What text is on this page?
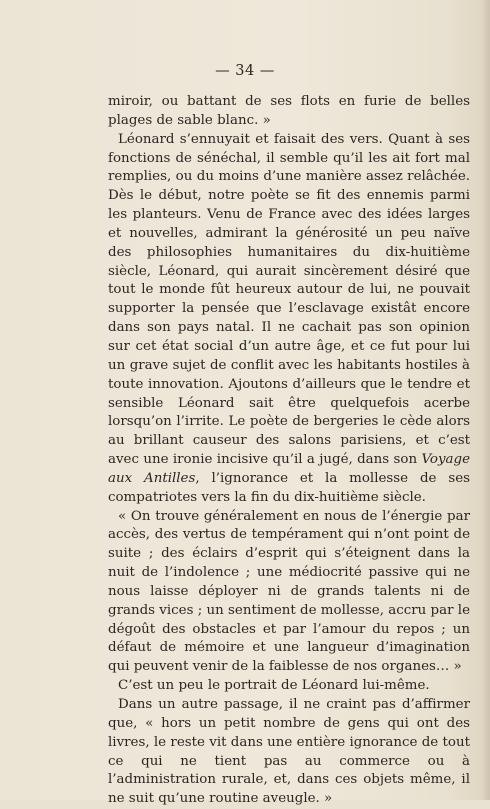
— 34 —

miroir, ou battant de ses flots en furie de belles plages de sable blanc. »

Léonard s’ennuyait et faisait des vers. Quant à ses fonctions de sénéchal, il semble qu’il les ait fort mal remplies, ou du moins d’une manière assez relâchée. Dès le début, notre poète se fit des ennemis parmi les planteurs. Venu de France avec des idées larges et nouvelles, admirant la générosité un peu naïve des philosophies humanitaires du dix-huitième siècle, Léonard, qui aurait sincèrement désiré que tout le monde fût heureux autour de lui, ne pouvait supporter la pensée que l’esclavage existât encore dans son pays natal. Il ne cachait pas son opinion sur cet état social d’un autre âge, et ce fut pour lui un grave sujet de conflit avec les habitants hostiles à toute innovation. Ajoutons d’ailleurs que le tendre et sensible Léonard sait être quelquefois acerbe lorsqu’on l’irrite. Le poète de bergeries le cède alors au brillant causeur des salons parisiens, et c’est avec une ironie incisive qu’il a jugé, dans son Voyage aux Antilles, l’ignorance et la mollesse de ses compatriotes vers la fin du dix-huitième siècle.

« On trouve généralement en nous de l’énergie par accès, des vertus de tempérament qui n’ont point de suite ; des éclairs d’esprit qui s’éteignent dans la nuit de l’indolence ; une médiocrité passive qui ne nous laisse déployer ni de grands talents ni de grands vices ; un sentiment de mollesse, accru par le dégoût des obstacles et par l’amour du repos ; un défaut de mémoire et une langueur d’imagination qui peuvent venir de la faiblesse de nos organes… »

C’est un peu le portrait de Léonard lui-même.

Dans un autre passage, il ne craint pas d’affirmer que, « hors un petit nombre de gens qui ont des livres, le reste vit dans une entière ignorance de tout ce qui ne tient pas au commerce ou à l’administration rurale, et, dans ces objets même, il ne suit qu’une routine aveugle. »
